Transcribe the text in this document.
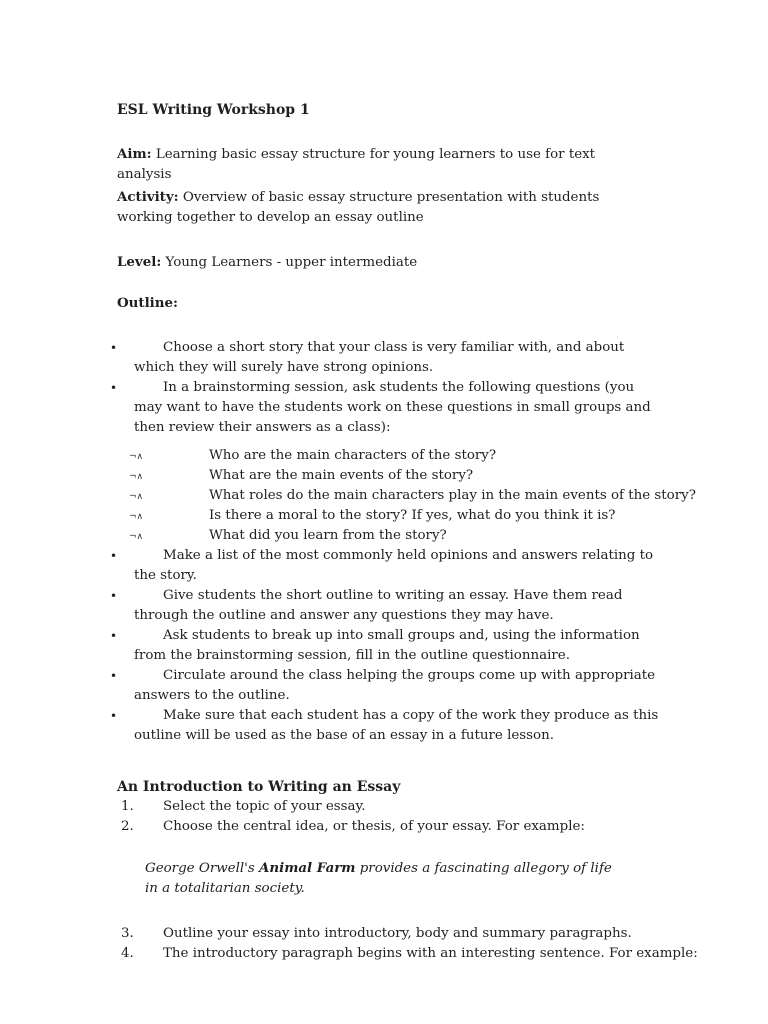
ESL Writing Workshop 1
Aim: Learning basic essay structure for young learners to use for text analysis
Activity: Overview of basic essay structure presentation with students working together to develop an essay outline
Level: Young Learners - upper intermediate
Outline:
•	Choose a short story that your class is very familiar with, and about which they will surely have strong opinions.
•	In a brainstorming session, ask students the following questions (you may want to have the students work on these questions in small groups and then review their answers as a class):
¬∧	Who are the main characters of the story?
¬∧	What are the main events of the story?
¬∧	What roles do the main characters play in the main events of the story?
¬∧	Is there a moral to the story? If yes, what do you think it is?
¬∧	What did you learn from the story?
•	Make a list of the most commonly held opinions and answers relating to the story.
•	Give students the short outline to writing an essay. Have them read through the outline and answer any questions they may have.
•	Ask students to break up into small groups and, using the information from the brainstorming session, fill in the outline questionnaire.
•	Circulate around the class helping the groups come up with appropriate answers to the outline.
•	Make sure that each student has a copy of the work they produce as this outline will be used as the base of an essay in a future lesson.
An Introduction to Writing an Essay
1. Select the topic of your essay.
2. Choose the central idea, or thesis, of your essay. For example:
George Orwell's Animal Farm provides a fascinating allegory of life in a totalitarian society.
3. Outline your essay into introductory, body and summary paragraphs.
4. The introductory paragraph begins with an interesting sentence. For example:
